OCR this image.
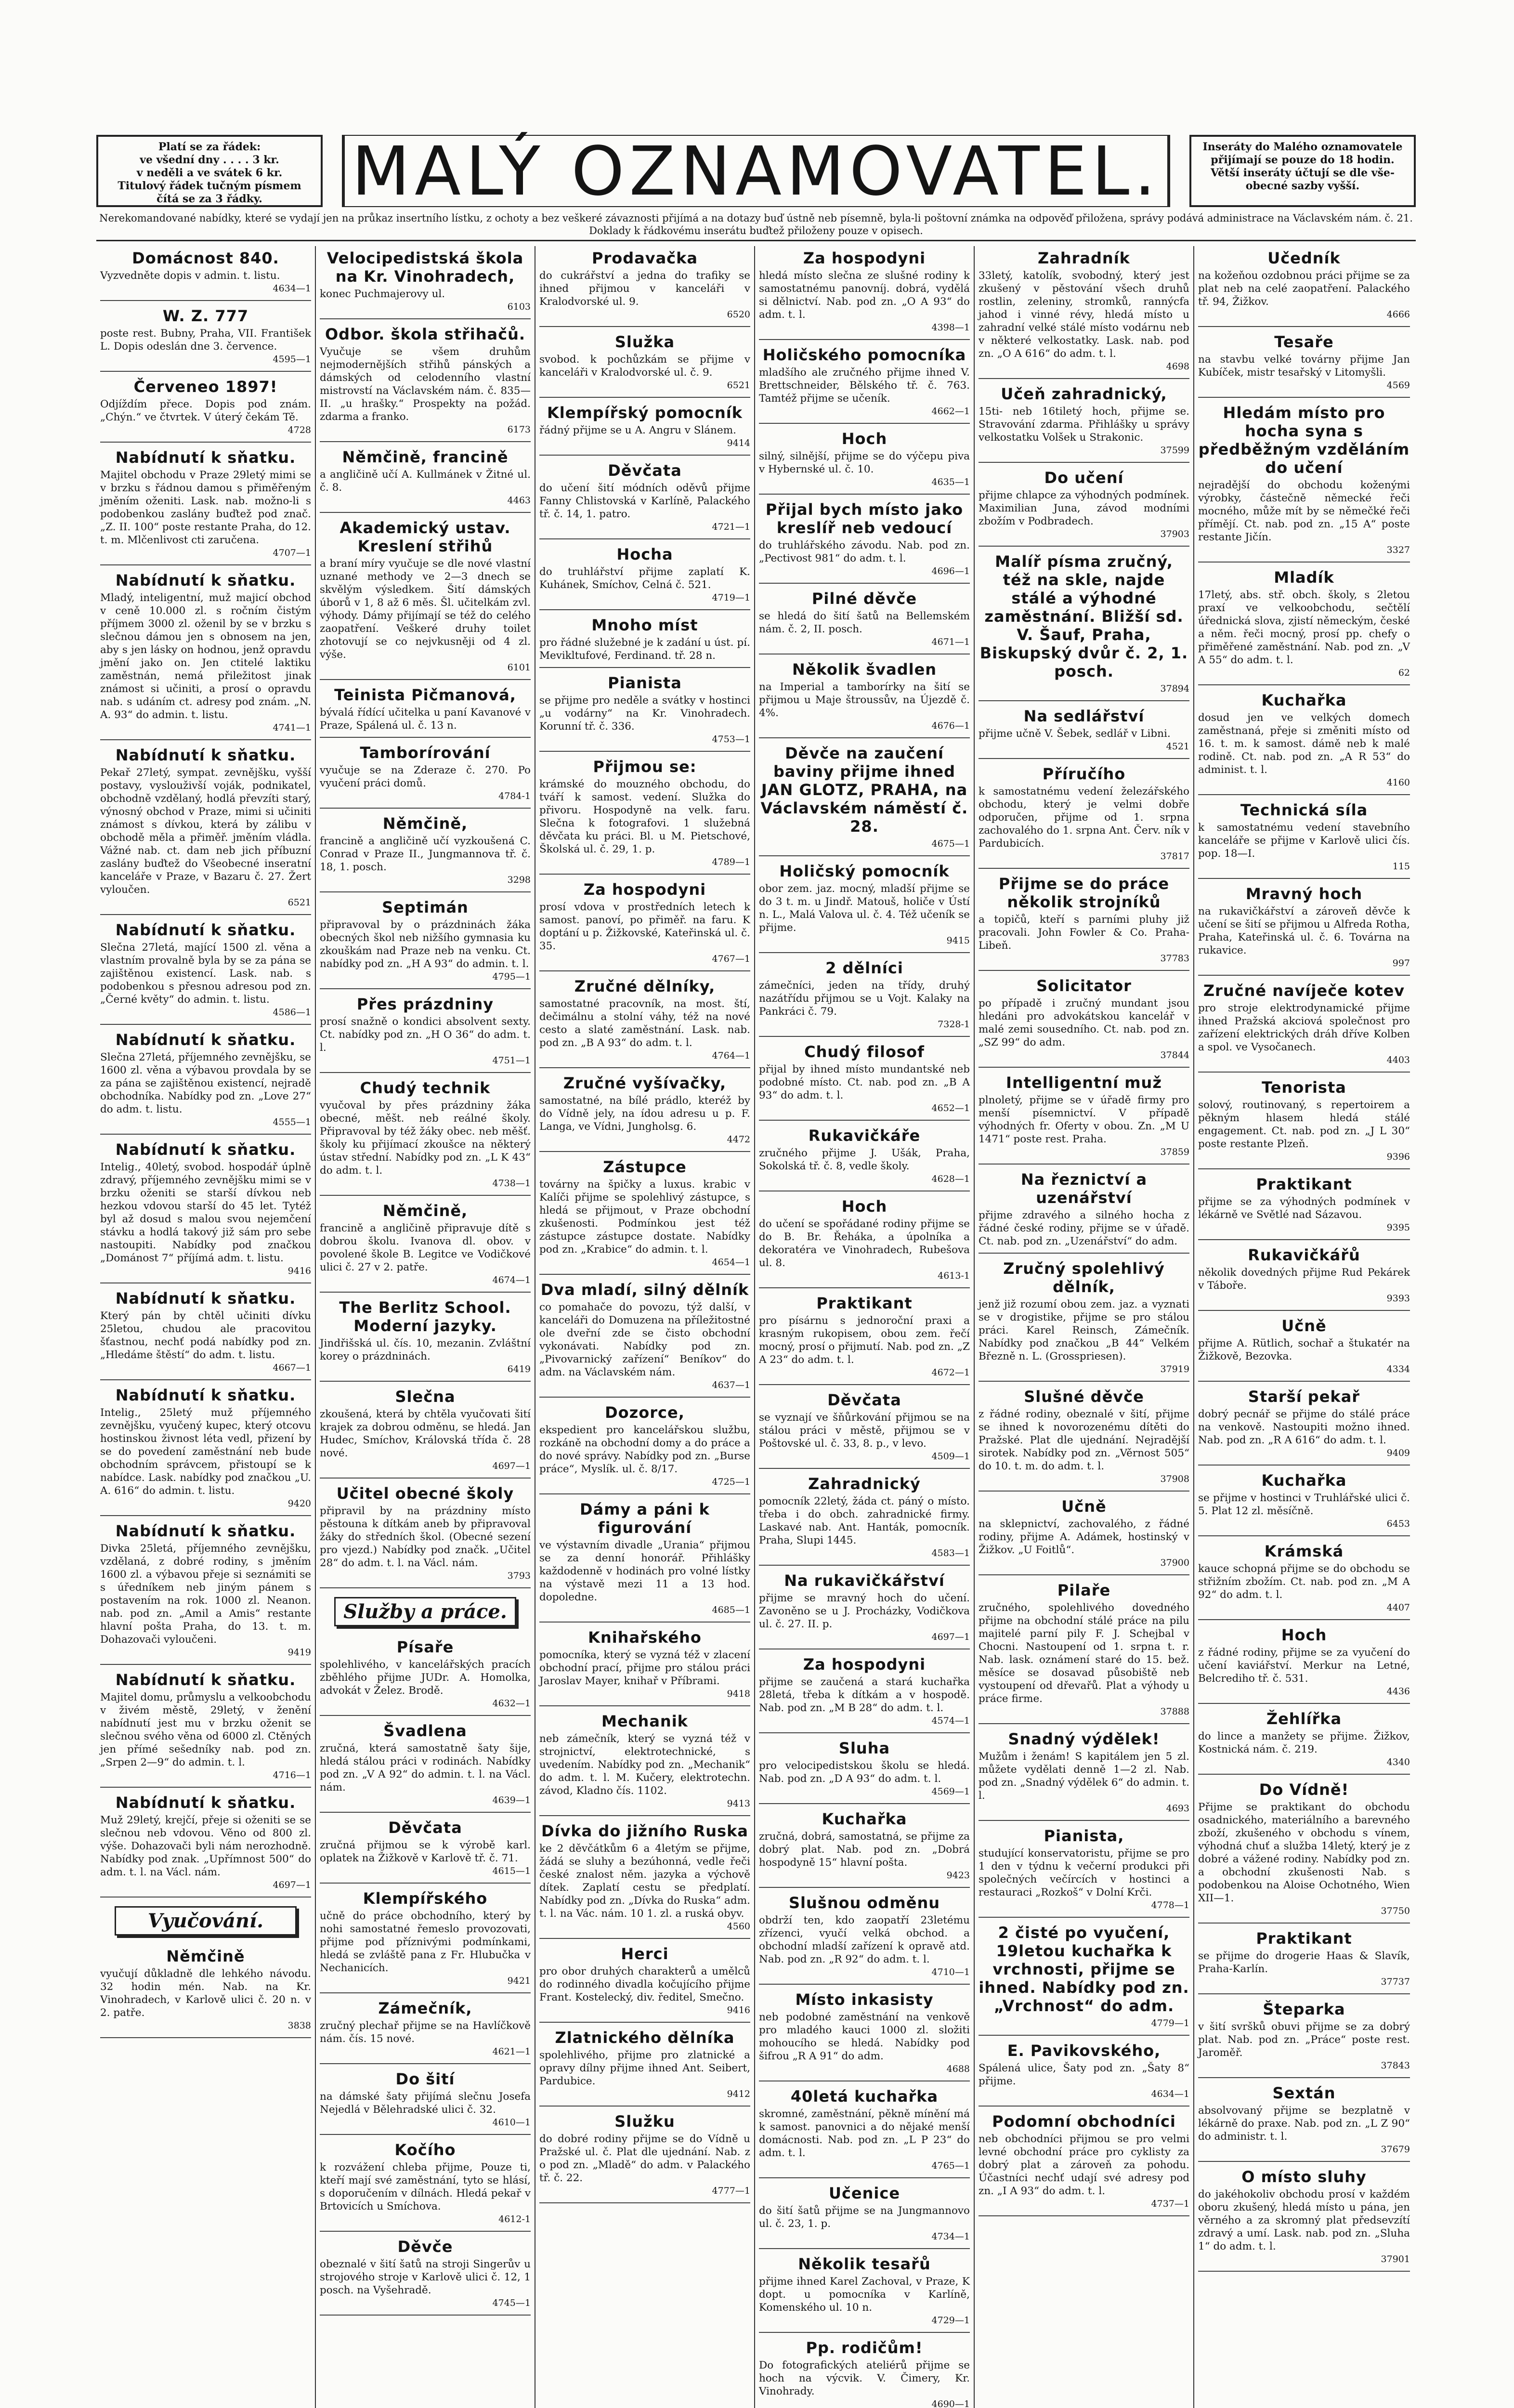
Platí se za řádek:
ve všední dny . . . . 3 kr.
v neděli a ve svátek 6 kr.
Titulový řádek tučným písmem
čítá se za 3 řádky.	MALÝ OZNAMOVATEL.	Inseráty do Malého oznamovatele
přijímají se pouze do 18 hodin.
Větší inseráty účtují se dle vše-
obecné sazby vyšší.
Nerekomandované nabídky, které se vydají jen na průkaz insertního lístku, z ochoty a bez veškeré závaznosti přijímá a na dotazy buď ústně neb písemně, byla-li poštovní známka na odpověď přiložena, správy podává administrace na Václavském nám. č. 21. Doklady k řádkovému inserátu buďtež přiloženy pouze v opisech.
Domácnost 840.

Vyzvedněte dopis v admin. t. listu.

4634—1
W. Z. 777

poste rest. Bubny, Praha, VII. František L. Dopis odeslán dne 3. července.

4595—1
Červeneo 1897!

Odjíždím přece. Dopis pod znám. „Chýn.“ ve čtvrtek. V úterý čekám Tě.

4728
Nabídnutí k sňatku.

Majitel obchodu v Praze 29letý mimi se v brzku s řádnou damou s přiměřeným jměním oženiti. Lask. nab. možno-li s podobenkou zaslány buďtež pod znač. „Z. II. 100“ poste restante Praha, do 12. t. m. Mlčenlivost cti zaručena.

4707—1
Nabídnutí k sňatku.

Mladý, inteligentní, muž majicí obchod v ceně 10.000 zl. s ročním čistým příjmem 3000 zl. oženil by se v brzku s slečnou dámou jen s obnosem na jen, aby s jen lásky on hodnou, jenž opravdu jmění jako on. Jen ctitelé laktiku zaměstnán, nemá přiležitost jinak známost si učiniti, a prosí o opravdu nab. s udáním ct. adresy pod znám. „N. A. 93“ do admin. t. listu.

4741—1
Nabídnutí k sňatku.

Pekař 27letý, sympat. zevnějšku, vyšší postavy, vyslouživší voják, podnikatel, obchodně vzdělaný, hodlá převzíti starý, výnosný obchod v Praze, mimi si učiniti známost s dívkou, která by zálibu v obchodě měla a přiměř. jměním vládla. Vážné nab. ct. dam neb jich příbuzní zaslány buďtež do Všeobecné inseratní kanceláře v Praze, v Bazaru č. 27. Žert vyloučen.

6521
Nabídnutí k sňatku.

Slečna 27letá, mající 1500 zl. věna a vlastním provalně byla by se za pána se zajištěnou existencí. Lask. nab. s podobenkou s přesnou adresou pod zn. „Černé květy“ do admin. t. listu.

4586—1
Nabídnutí k sňatku.

Slečna 27letá, příjemného zevnějšku, se 1600 zl. věna a výbavou provdala by se za pána se zajištěnou existencí, nejradě obchodníka. Nabídky pod zn. „Love 27“ do adm. t. listu.

4555—1
Nabídnutí k sňatku.

Intelig., 40letý, svobod. hospodář úplně zdravý, příjemného zevnějšku mimi se v brzku oženiti se starší dívkou neb hezkou vdovou starší do 45 let. Tytéž byl až dosud s malou svou nejemčení stávku a hodlá takový již sám pro sebe nastoupiti. Nabídky pod značkou „Dománost 7“ příjímá adm. t. listu.

9416
Nabídnutí k sňatku.

Který pán by chtěl učiniti dívku 25letou, chudou ale pracovitou šťastnou, nechť podá nabídky pod zn. „Hledáme štěstí“ do adm. t. listu.

4667—1
Nabídnutí k sňatku.

Intelig., 25letý muž příjemného zevnějšku, vyučený kupec, který otcovu hostinskou živnost léta vedl, přizení by se do povedení zaměstnání neb bude obchodním správcem, přistoupí se k nabídce. Lask. nabídky pod značkou „U. A. 616“ do admin. t. listu.

9420
Nabídnutí k sňatku.

Divka 25letá, příjemného zevnějšku, vzdělaná, z dobré rodiny, s jměním 1600 zl. a výbavou přeje si seznámiti se s úředníkem neb jiným pánem s postavením na rok. 1000 zl. Neanon. nab. pod zn. „Amil a Amis“ restante hlavní pošta Praha, do 13. t. m. Dohazovači vyloučeni.

9419
Nabídnutí k sňatku.

Majitel domu, průmyslu a velkoobchodu v živém městě, 29letý, v ženění nabídnutí jest mu v brzku oženit se slečnou svého věna od 6000 zl. Ctěných jen přímé sešedníky nab. pod zn. „Srpen 2—9“ do admin. t. l.

4716—1
Nabídnutí k sňatku.

Muž 29letý, krejčí, přeje si oženiti se se slečnou neb vdovou. Věno od 800 zl. výše. Dohazovači byli nám nerozhodně. Nabídky pod znak. „Upřímnost 500“ do adm. t. l. na Václ. nám.

4697—1
Vyučování.
Němčině

vyučují důkladně dle lehkého návodu. 32 hodin mén. Nab. na Kr. Vinohradech, v Karlově ulici č. 20 n. v 2. patře.

3838
Velocipedistská škola na Kr. Vinohradech,

konec Puchmajerovy ul.

6103
Odbor. škola střihačů.

Vyučuje se všem druhům nejmodernějších střihů pánských a dámských od celodenního vlastní mistrovstí na Václavském nám. č. 835—II. „u hrašky.“ Prospekty na požád. zdarma a franko.

6173
Němčině, francině

a angličině učí A. Kullmánek v Žitné ul. č. 8.

4463
Akademický ustav. Kreslení střihů

a braní míry vyučuje se dle nové vlastní uznané methody ve 2—3 dnech se skvělým výsledkem. Šití dámských úborů v 1, 8 až 6 měs. Šl. učitelkám zvl. výhody. Dámy přijímají se též do celého zaopatření. Veškeré druhy toilet zhotovují se co nejvkusněji od 4 zl. výše.

6101
Teinista Pičmanová,

bývalá řídící učitelka u paní Kavanové v Praze, Spálená ul. č. 13 n.

Tamborírování

vyučuje se na Zderaze č. 270. Po vyučení práci domů.

4784-1
Němčině,

francině a angličině učí vyzkoušená C. Conrad v Praze II., Jungmannova tř. č. 18, 1. posch.

3298
Septimán

připravoval by o prázdninách žáka obecných škol neb nižšího gymnasia ku zkouškám nad Praze neb na venku. Ct. nabídky pod zn. „H A 93“ do admin. t. l.

4795—1
Přes prázdniny

prosí snažně o kondici absolvent sexty. Ct. nabídky pod zn. „H O 36“ do adm. t. l.

4751—1
Chudý technik

vyučoval by přes prázdniny žáka obecné, měšt. neb reálné školy. Připravoval by též žáky obec. neb měšť. školy ku přijímací zkoušce na některý ústav střední. Nabídky pod zn. „L K 43“ do adm. t. l.

4738—1
Němčině,

francině a angličině připravuje dítě s dobrou školu. Ivanova dl. obov. v povolené škole B. Legitce ve Vodičkové ulici č. 27 v 2. patře.

4674—1
The Berlitz School. Moderní jazyky.

Jindřišská ul. čís. 10, mezanin. Zvláštní korey o prázdninách.

6419
Slečna

zkoušená, která by chtěla vyučovati šití krajek za dobrou odměnu, se hledá. Jan Hudec, Smíchov, Královská třída č. 28 nové.

4697—1
Učitel obecné školy

připravil by na prázdniny místo pěstouna k dítkám aneb by připravoval žáky do středních škol. (Obecné sezení pro vjezd.) Nabídky pod značk. „Učitel 28“ do adm. t. l. na Václ. nám.

3793
Služby a práce.
Písaře

spolehlivého, v kancelářských pracích zběhlého přijme JUDr. A. Homolka, advokát v Želez. Brodě.

4632—1
Švadlena

zručná, která samostatně šaty šije, hledá stálou práci v rodinách. Nabídky pod zn. „V A 92“ do admin. t. l. na Václ. nám.

4639—1
Děvčata

zručná přijmou se k výrobě karl. oplatek na Žižkově v Karlově tř. č. 71.

4615—1
Klempířského

učně do práce obchodního, který by nohi samostatné řemeslo provozovati, přijme pod příznivými podmínkami, hledá se zvláště pana z Fr. Hlubučka v Nechanicích.

9421
Zámečník,

zručný plechař přijme se na Havlíčkově nám. čís. 15 nové.

4621—1
Do šití

na dámské šaty přijímá slečnu Josefa Nejedlá v Bělehradské ulici č. 32.

4610—1
Kočího

k rozvážení chleba přijme, Pouze ti, kteří mají své zaměstnání, tyto se hlásí, s doporučením v dílnách. Hledá pekař v Brtovicích u Smíchova.

4612-1
Děvče

obeznalé v šití šatů na stroji Singerův u strojového stroje v Karlově ulici č. 12, 1 posch. na Vyšehradě.

4745—1
Prodavačka

do cukrářství a jedna do trafiky se ihned přijmou v kanceláři v Kralodvorské ul. 9.

6520
Služka

svobod. k pochůzkám se přijme v kanceláři v Kralodvorské ul. č. 9.

6521
Klempířský pomocník

řádný přijme se u A. Angru v Slánem.

9414
Děvčata

do učení šití módních oděvů přijme Fanny Chlistovská v Karlíně, Palackého tř. č. 14, 1. patro.

4721—1
Hocha

do truhlářství přijme zaplatí K. Kuhánek, Smíchov, Celná č. 521.

4719—1
Mnoho míst

pro řádné služebné je k zadání u úst. pí. Mevikltufové, Ferdinand. tř. 28 n.

Pianista

se přijme pro neděle a svátky v hostinci „u vodárny“ na Kr. Vinohradech. Korunní tř. č. 336.

4753—1
Přijmou se:

krámské do mouzného obchodu, do tváří k samost. vedení. Služka do přivoru. Hospodyně na velk. faru. Slečna k fotografovi. 1 služebná děvčata ku práci. Bl. u M. Pietschové, Školská ul. č. 29, 1. p.

4789—1
Za hospodyni

prosí vdova v prostředních letech k samost. panoví, po přiměř. na faru. K doptání u p. Žižkovské, Kateřinská ul. č. 35.

4767—1
Zručné dělníky,

samostatné pracovník, na most. ští, dečimálnu a stolní váhy, též na nové cesto a slaté zaměstnání. Lask. nab. pod zn. „B A 93“ do adm. t. l.

4764—1
Zručné vyšívačky,

samostatné, na bílé prádlo, kteréž by do Vídně jely, na ídou adresu u p. F. Langa, ve Vídni, Jungholsg. 6.

4472
Zástupce

továrny na špičky a luxus. krabic v Kalíči přijme se spolehlivý zástupce, s hledá se přijmout, v Praze obchodní zkušenosti. Podmínkou jest též zástupce zástupce dostate. Nabídky pod zn. „Krabice“ do admin. t. l.

4654—1
Dva mladí, silný dělník

co pomahače do povozu, týž další, v kanceláři do Domuzena na příležitostné ole dveřní zde se čisto obchodní vykonávati. Nabídky pod zn. „Pivovarnický zařízení“ Beníkov“ do adm. na Václavském nám.

4637—1
Dozorce,

ekspedient pro kancelářskou službu, rozkáně na obchodní domy a do práce a do nové správy. Nabídky pod zn. „Burse práce“, Myslík. ul. č. 8/17.

4725—1
Dámy a páni k figurování

ve výstavním divadle „Urania“ přijmou se za denní honorář. Přihlášky každodenně v hodinách pro volné lístky na výstavě mezi 11 a 13 hod. dopoledne.

4685—1
Knihařského

pomocníka, který se vyzná též v zlacení obchodní prací, přijme pro stálou práci Jaroslav Mayer, knihař v Příbrami.

9418
Mechanik

neb zámečník, který se vyzná též v strojnictví, elektrotechnické, s uvedením. Nabídky pod zn. „Mechanik“ do adm. t. l. M. Kučery, elektrotechn. závod, Kladno čís. 1102.

9413
Dívka do jižního Ruska

ke 2 děvčátkům 6 a 4letým se přijme, žádá se sluhy a bezúhonná, vedle řeči české znalost něm. jazyka a výchově dítek. Zaplatí cestu se předplatí. Nabídky pod zn. „Dívka do Ruska“ adm. t. l. na Vác. nám. 10 1. zl. a ruská obyv.

4560
Herci

pro obor druhých charakterů a umělců do rodinného divadla kočujícího přijme Frant. Kostelecký, div. ředitel, Smečno.

9416
Zlatnického dělníka

spolehlivého, přijme pro zlatnické a opravy dílny přijme ihned Ant. Seibert, Pardubice.

9412
Služku

do dobré rodiny přijme se do Vídně u Pražské ul. č. Plat dle ujednání. Nab. z o pod zn. „Mladě“ do adm. v Palackého tř. č. 22.

4777—1
Za hospodyni

hledá místo slečna ze slušné rodiny k samostatnému panovníj. dobrá, vydělá si dělnictví. Nab. pod zn. „O A 93“ do adm. t. l.

4398—1
Holičského pomocníka

mladšího ale zručného přijme ihned V. Brettschneider, Bělského tř. č. 763. Tamtéž přijme se učeník.

4662—1
Hoch

silný, silnější, přijme se do výčepu piva v Hybernské ul. č. 10.

4635—1
Přijal bych místo jako kreslíř neb vedoucí

do truhlářského závodu. Nab. pod zn. „Pectivost 981“ do adm. t. l.

4696—1
Pilné děvče

se hledá do šití šatů na Bellemském nám. č. 2, II. posch.

4671—1
Několik švadlen

na Imperial a tamborírky na šití se přijmou u Maje štroussův, na Újezdě č. 4%.

4676—1
Děvče na zaučení baviny přijme ihned JAN GLOTZ, PRAHA, na Václavském náměstí č. 28.
4675—1
Holičský pomocník

obor zem. jaz. mocný, mladší přijme se do 3 t. m. u Jindř. Matouš, holiče v Ústí n. L., Malá Valova ul. č. 4. Též učeník se přijme.

9415
2 dělníci

zámečníci, jeden na třídy, druhý nazátřídu přijmou se u Vojt. Kalaky na Pankráci č. 79.

7328-1
Chudý filosof

přijal by ihned místo mundantské neb podobné místo. Ct. nab. pod zn. „B A 93“ do adm. t. l.

4652—1
Rukavičkáře

zručného přijme J. Ušák, Praha, Sokolská tř. č. 8, vedle školy.

4628—1
Hoch

do učení se spořádané rodiny přijme se do B. Br. Řeháka, a úpolníka a dekoratéra ve Vinohradech, Rubešova ul. 8.

4613-1
Praktikant

pro písárnu s jednoroční praxi a krasným rukopisem, obou zem. řečí mocný, prosí o přijmutí. Nab. pod zn. „Z A 23“ do adm. t. l.

4672—1
Děvčata

se vyznají ve šňůrkování přijmou se na stálou práci v městě, přijmou se v Poštovské ul. č. 33, 8. p., v levo.

4509—1
Zahradnický

pomocník 22letý, žáda ct. páný o místo. třeba i do obch. zahradnické firmy. Laskavé nab. Ant. Hanták, pomocník. Praha, Slupi 1445.

4583—1
Na rukavičkářství

přijme se mravný hoch do učení. Zavoněno se u J. Procházky, Vodičkova ul. č. 27. II. p.

4697—1
Za hospodyni

přijme se zaučená a stará kuchařka 28letá, třeba k dítkám a v hospodě. Nab. pod zn. „M B 28“ do adm. t. l.

4574—1
Sluha

pro velocipedistskou školu se hledá. Nab. pod zn. „D A 93“ do adm. t. l.

4569—1
Kuchařka

zručná, dobrá, samostatná, se přijme za dobrý plat. Nab. pod zn. „Dobrá hospodyně 15“ hlavní pošta.

9423
Slušnou odměnu

obdrží ten, kdo zaopatří 23letému zřízenci, vyučí velká obchod. a obchodní mladší zařízení k opravě atd. Nab. pod zn. „R 92“ do adm. t. l.

4710—1
Místo inkasisty

neb podobné zaměstnání na venkově pro mladého kauci 1000 zl. složiti mohoucího se hledá. Nabídky pod šifrou „R A 91“ do adm.

4688
40letá kuchařka

skromné, zaměstnání, pěkně mínění má k samost. panovnici a do nějaké menší domácnosti. Nab. pod zn. „L P 23“ do adm. t. l.

4765—1
Učenice

do šití šatů přijme se na Jungmannovo ul. č. 23, 1. p.

4734—1
Několik tesařů

přijme ihned Karel Zachoval, v Praze, K dopt. u pomocníka v Karlíně, Komenského ul. 10 n.

4729—1
Pp. rodičům!

Do fotografických ateliérů přijme se hoch na výcvik. V. Čimery, Kr. Vinohrady.

4690—1
Zahradník

33letý, katolík, svobodný, který jest zkušený v pěstování všech druhů rostlin, zeleniny, stromků, rannýcfa jahod i vinné révy, hledá místo u zahradní velké stálé místo vodárnu neb v některé velkostatky. Lask. nab. pod zn. „O A 616“ do adm. t. l.

4698
Učeň zahradnický,

15ti- neb 16tiletý hoch, přijme se. Stravování zdarma. Přihlášky u správy velkostatku Volšek u Strakonic.

37599
Do učení

přijme chlapce za výhodných podmínek. Maximilian Juna, závod modními zbožím v Podbradech.

37903
Malíř písma zručný, též na skle, najde stálé a výhodné zaměstnání. Bližší sd. V. Šauf, Praha, Biskupský dvůr č. 2, 1. posch.
37894
Na sedlářství

přijme učně V. Šebek, sedlář v Libni.

4521
Příručího

k samostatnému vedení železářského obchodu, který je velmi dobře odporučen, přijme od 1. srpna zachovalého do 1. srpna Ant. Červ. ník v Pardubicích.

37817
Přijme se do práce několik strojníků

a topičů, kteří s parními pluhy již pracovali. John Fowler & Co. Praha-Libeň.

37783
Solicitator

po případě i zručný mundant jsou hledáni pro advokátskou kancelář v malé zemi sousedního. Ct. nab. pod zn. „SZ 99“ do adm.

37844
Intelligentní muž

plnoletý, přijme se v úřadě firmy pro menší písemnictví. V případě výhodných fr. Oferty v obou. Zn. „M U 1471“ poste rest. Praha.

37859
Na řeznictví a uzenářství

přijme zdravého a silného hocha z řádné české rodiny, přijme se v úřadě. Ct. nab. pod zn. „Uzenářství“ do adm.

Zručný spolehlivý dělník,

jenž již rozumí obou zem. jaz. a vyznati se v drogistike, přijme se pro stálou práci. Karel Reinsch, Zámečník. Nabídky pod značkou „B 44“ Velkém Březně n. L. (Grosspriesen).

37919
Slušné děvče

z řádné rodiny, obeznalé v šití, přijme se ihned k novorozenému dítěti do Pražské. Plat dle ujednání. Nejradější sirotek. Nabídky pod zn. „Věrnost 505“ do 10. t. m. do adm. t. l.

37908
Učně

na sklepnictví, zachovalého, z řádné rodiny, přijme A. Adámek, hostinský v Žižkov. „U Foitlů“.

37900
Pilaře

zručného, spolehlivého dovedného přijme na obchodní stálé práce na pilu majitelé parní pily F. J. Schejbal v Chocni. Nastoupení od 1. srpna t. r. Nab. lask. oznámení staré do 15. bež. měsíce se dosavad působiště neb vystoupení od dřevařů. Plat a výhody u práce firme.

37888
Snadný výdělek!

Mužům i ženám! S kapitálem jen 5 zl. můžete vydělati denně 1—2 zl. Nab. pod zn. „Snadný výdělek 6“ do admin. t. l.

4693
Pianista,

studující konservatoristu, přijme se pro 1 den v týdnu k večerní produkci při společných večírcích v hostinci a restauraci „Rozkoš“ v Dolní Krči.

4778—1
2 čisté po vyučení, 19letou kuchařka k vrchnosti, přijme se ihned. Nabídky pod zn. „Vrchnost“ do adm.
4779—1
E. Pavikovského,

Spálená ulice, Šaty pod zn. „Šaty 8“ přijme.

4634—1
Podomní obchodníci

neb obchodníci přijmou se pro velmi levné obchodní práce pro cyklisty za dobrý plat a zároveň za pohodu. Účastníci nechť udají své adresy pod zn. „I A 93“ do adm. t. l.

4737—1
Učedník

na kožeňou ozdobnou práci přijme se za plat neb na celé zaopatření. Palackého tř. 94, Žižkov.

4666
Tesaře

na stavbu velké továrny přijme Jan Kubíček, mistr tesařský v Litomyšli.

4569
Hledám místo pro hocha syna s předběžným vzděláním do učení

nejradější do obchodu koženými výrobky, částečně německé řeči mocného, může mít by se němečké řeči přímějí. Ct. nab. pod zn. „15 A“ poste restante Jičín.

3327
Mladík

17letý, abs. stř. obch. školy, s 2letou praxí ve velkoobchodu, sečtělí úřednická slova, zjistí německým, české a něm. řeči mocný, prosí pp. chefy o přiměřené zaměstnání. Nab. pod zn. „V A 55“ do adm. t. l.

62
Kuchařka

dosud jen ve velkých domech zaměstnaná, přeje si změniti místo od 16. t. m. k samost. dámě neb k malé rodině. Ct. nab. pod zn. „A R 53“ do administ. t. l.

4160
Technická síla

k samostatnému vedení stavebního kanceláře se přijme v Karlově ulici čís. pop. 18—I.

115
Mravný hoch

na rukavičkářství a zároveň děvče k učení se šití se přijmou u Alfreda Rotha, Praha, Kateřinská ul. č. 6. Továrna na rukavice.

997
Zručné navíječe kotev

pro stroje elektrodynamické přijme ihned Pražská akciová společnost pro zařízení elektrických dráh dříve Kolben a spol. ve Vysočanech.

4403
Tenorista

solový, routinovaný, s repertoirem a pěkným hlasem hledá stálé engagement. Ct. nab. pod zn. „J L 30“ poste restante Plzeň.

9396
Praktikant

přijme se za výhodných podmínek v lékárně ve Světlé nad Sázavou.

9395
Rukavičkářů

několik dovedných přijme Rud Pekárek v Táboře.

9393
Učně

přijme A. Rütlich, sochař a štukatér na Žižkově, Bezovka.

4334
Starší pekař

dobrý pecnář se přijme do stálé práce na venkově. Nastoupiti možno ihned. Nab. pod zn. „R A 616“ do adm. t. l.

9409
Kuchařka

se přijme v hostinci v Truhlářské ulici č. 5. Plat 12 zl. měsíčně.

6453
Krámská

kauce schopná přijme se do obchodu se střižním zbožím. Ct. nab. pod zn. „M A 92“ do adm. t. l.

4407
Hoch

z řádné rodiny, přijme se za vyučení do učení kaviářství. Merkur na Letné, Belcrediho tř. č. 531.

4436
Žehlířka

do lince a manžety se přijme. Žižkov, Kostnická nám. č. 219.

4340
Do Vídně!

Přijme se praktikant do obchodu osadnického, materiálního a barevného zboží, zkušeného v obchodu s vínem, výhodná chuť a služba 14letý, který je z dobré a vážené rodiny. Nabídky pod zn. a obchodní zkušenosti Nab. s podobenkou na Aloise Ochotného, Wien XII—1.

37750
Praktikant

se přijme do drogerie Haas & Slavík, Praha-Karlín.

37737
Šteparka

v šití svršků obuvi přijme se za dobrý plat. Nab. pod zn. „Práce“ poste rest. Jaroměř.

37843
Sextán

absolvovaný přijme se bezplatně v lékárně do praxe. Nab. pod zn. „L Z 90“ do administr. t. l.

37679
O místo sluhy

do jakéhokoliv obchodu prosí v každém oboru zkušený, hledá místo u pána, jen věrného a za skromný plat předsevzítí zdravý a umí. Lask. nab. pod zn. „Sluha 1“ do adm. t. l.

37901
